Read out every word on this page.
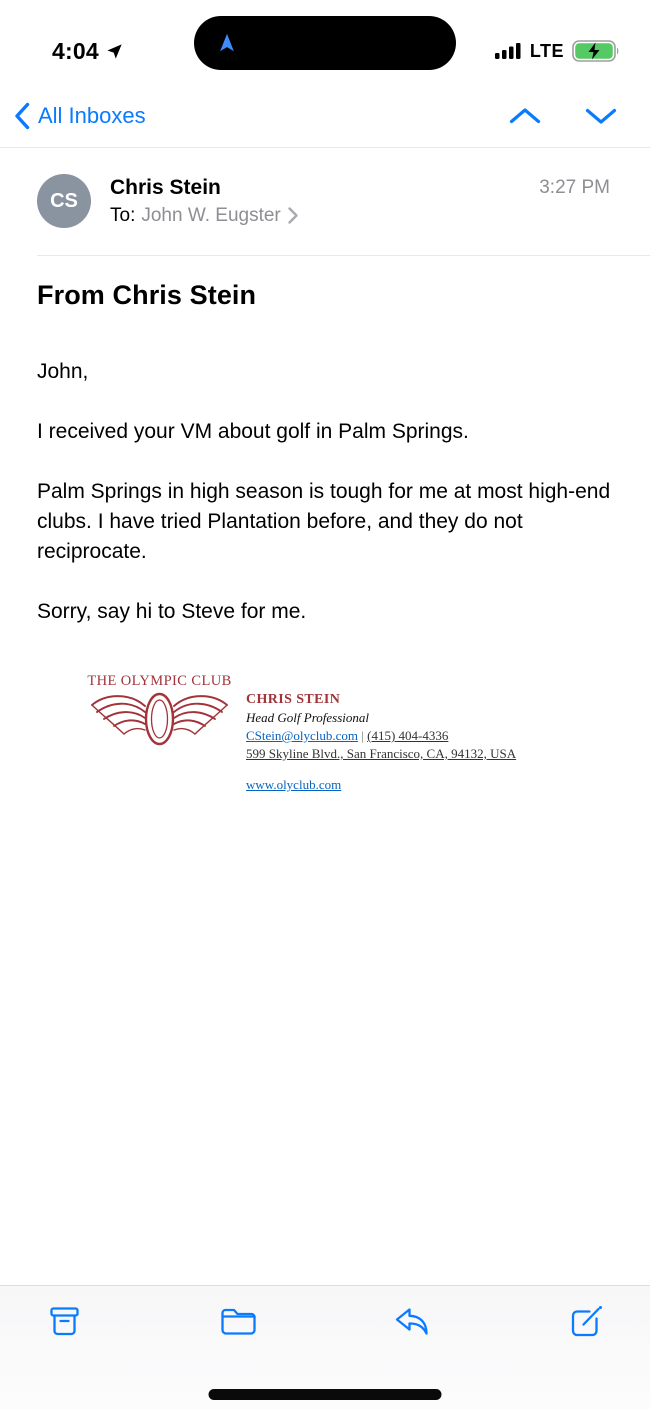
4:04	LTE
All Inboxes
CS
Chris Stein
To: John W. Eugster
3:27 PM
From Chris Stein

John,

I received your VM about golf in Palm Springs.

Palm Springs in high season is tough for me at most high-end clubs. I have tried Plantation before, and they do not reciprocate.

Sorry, say hi to Steve for me.

THE OLYMPIC CLUB
CHRIS STEIN
Head Golf Professional
CStein@olyclub.com | (415) 404-4336
599 Skyline Blvd., San Francisco, CA, 94132, USA
www.olyclub.com
